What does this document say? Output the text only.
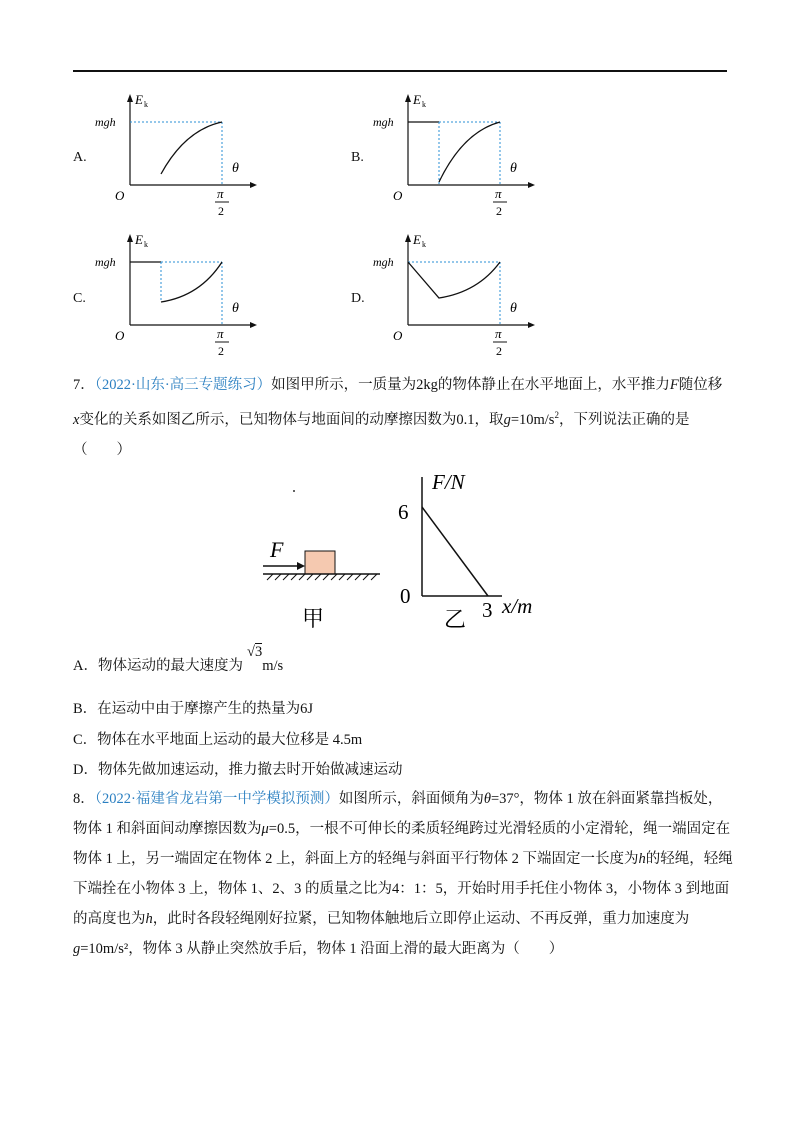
A.	B.
C.	D.
E k
mgh
O
θ
π
2
E k
mgh
O
θ
π
2
E k
mgh
O
θ
π
2
E k
mgh
O
θ
π
2
7．（2022·山东·高三专题练习）如图甲所示，一质量为2kg的物体静止在水平地面上，水平推力F随位移
x变化的关系如图乙所示，已知物体与地面间的动摩擦因数为0.1，取$g=10m/s^2$，下列说法正确的是
（　　）
F
甲
F/N
6
0
3 x/m
乙
A．物体运动的最大速度为√3m/s
B．在运动中由于摩擦产生的热量为6J
C．物体在水平地面上运动的最大位移是 4.5m
D．物体先做加速运动，推力撤去时开始做减速运动
8．（2022·福建省龙岩第一中学模拟预测）如图所示，斜面倾角为θ=37°，物体 1 放在斜面紧靠挡板处，物体 1 和斜面间动摩擦因数为μ=0.5，一根不可伸长的柔质轻绳跨过光滑轻质的小定滑轮，绳一端固定在物体 1 上，另一端固定在物体 2 上，斜面上方的轻绳与斜面平行物体 2 下端固定一长度为h的轻绳，轻绳下端拴在小物体 3 上，物体 1、2、3 的质量之比为4：1：5，开始时用手托住小物体 3，小物体 3 到地面的高度也为h，此时各段轻绳刚好拉紧，已知物体触地后立即停止运动、不再反弹，重力加速度为g=10m/s²，物体 3 从静止突然放手后，物体 1 沿面上滑的最大距离为（　　）
